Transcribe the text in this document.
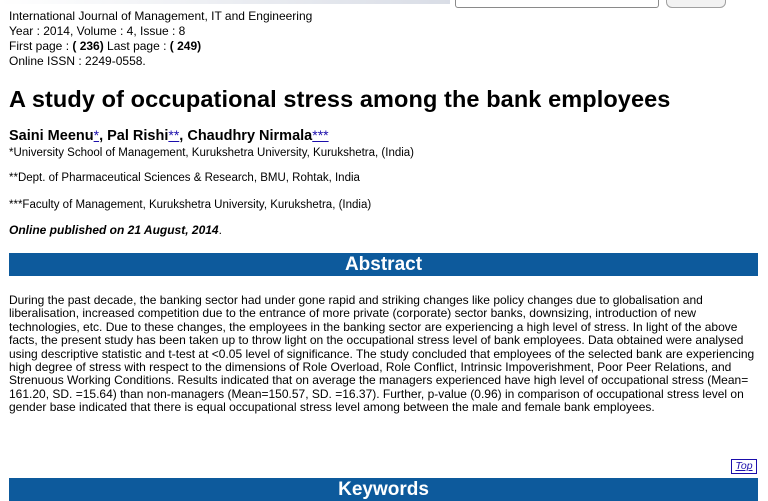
International Journal of Management, IT and Engineering
Year : 2014, Volume : 4, Issue : 8
First page : ( 236) Last page : ( 249)
Online ISSN : 2249-0558.
A study of occupational stress among the bank employees
Saini Meenu*, Pal Rishi**, Chaudhry Nirmala***
*University School of Management, Kurukshetra University, Kurukshetra, (India)
**Dept. of Pharmaceutical Sciences & Research, BMU, Rohtak, India
***Faculty of Management, Kurukshetra University, Kurukshetra, (India)
Online published on 21 August, 2014.
Abstract
During the past decade, the banking sector had under gone rapid and striking changes like policy changes due to globalisation and liberalisation, increased competition due to the entrance of more private (corporate) sector banks, downsizing, introduction of new technologies, etc. Due to these changes, the employees in the banking sector are experiencing a high level of stress. In light of the above facts, the present study has been taken up to throw light on the occupational stress level of bank employees. Data obtained were analysed using descriptive statistic and t-test at <0.05 level of significance. The study concluded that employees of the selected bank are experiencing high degree of stress with respect to the dimensions of Role Overload, Role Conflict, Intrinsic Impoverishment, Poor Peer Relations, and Strenuous Working Conditions. Results indicated that on average the managers experienced have high level of occupational stress (Mean= 161.20, SD. =15.64) than non-managers (Mean=150.57, SD. =16.37). Further, p-value (0.96) in comparison of occupational stress level on gender base indicated that there is equal occupational stress level among between the male and female bank employees.
Top
Keywords
